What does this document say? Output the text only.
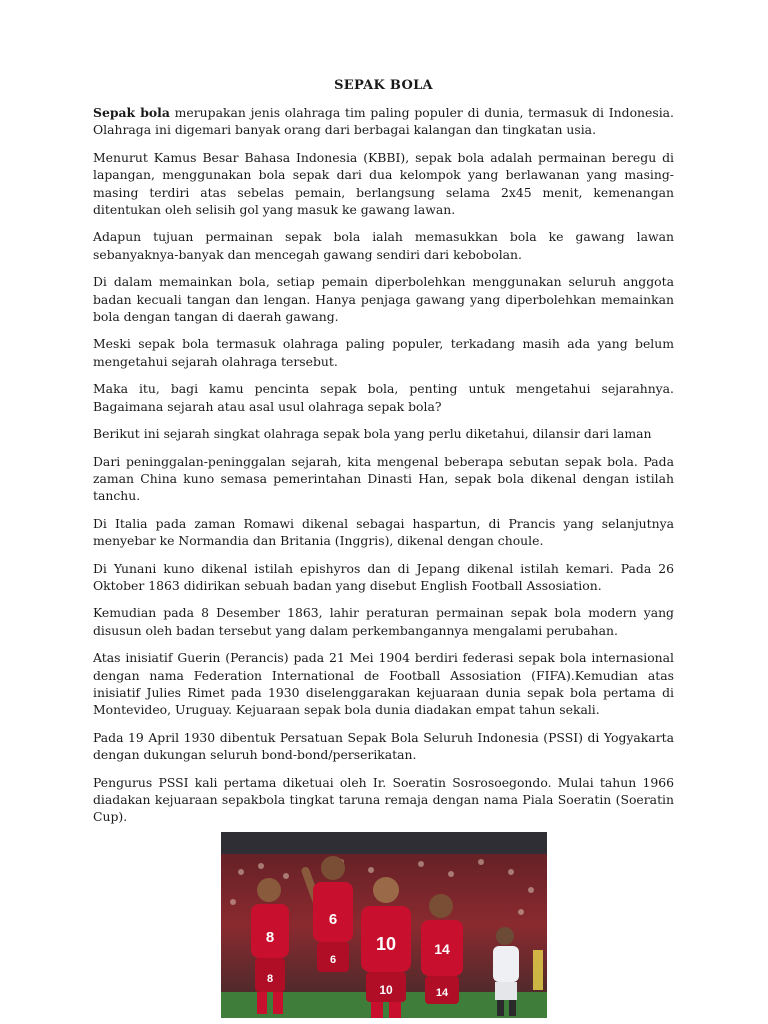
SEPAK BOLA

Sepak bola merupakan jenis olahraga tim paling populer di dunia, termasuk di Indonesia. Olahraga ini digemari banyak orang dari berbagai kalangan dan tingkatan usia.

Menurut Kamus Besar Bahasa Indonesia (KBBI), sepak bola adalah permainan beregu di lapangan, menggunakan bola sepak dari dua kelompok yang berlawanan yang masing-masing terdiri atas sebelas pemain, berlangsung selama 2x45 menit, kemenangan ditentukan oleh selisih gol yang masuk ke gawang lawan.

Adapun tujuan permainan sepak bola ialah memasukkan bola ke gawang lawan sebanyaknya-banyak dan mencegah gawang sendiri dari kebobolan.

Di dalam memainkan bola, setiap pemain diperbolehkan menggunakan seluruh anggota badan kecuali tangan dan lengan. Hanya penjaga gawang yang diperbolehkan memainkan bola dengan tangan di daerah gawang.

Meski sepak bola termasuk olahraga paling populer, terkadang masih ada yang belum mengetahui sejarah olahraga tersebut.

Maka itu, bagi kamu pencinta sepak bola, penting untuk mengetahui sejarahnya. Bagaimana sejarah atau asal usul olahraga sepak bola?

Berikut ini sejarah singkat olahraga sepak bola yang perlu diketahui, dilansir dari laman

Dari peninggalan-peninggalan sejarah, kita mengenal beberapa sebutan sepak bola. Pada zaman China kuno semasa pemerintahan Dinasti Han, sepak bola dikenal dengan istilah tanchu.

Di Italia pada zaman Romawi dikenal sebagai haspartun, di Prancis yang selanjutnya menyebar ke Normandia dan Britania (Inggris), dikenal dengan choule.

Di Yunani kuno dikenal istilah epishyros dan di Jepang dikenal istilah kemari. Pada 26 Oktober 1863 didirikan sebuah badan yang disebut English Football Assosiation.

Kemudian pada 8 Desember 1863, lahir peraturan permainan sepak bola modern yang disusun oleh badan tersebut yang dalam perkembangannya mengalami perubahan.

Atas inisiatif Guerin (Perancis) pada 21 Mei 1904 berdiri federasi sepak bola internasional dengan nama Federation International de Football Assosiation (FIFA).Kemudian atas inisiatif Julies Rimet pada 1930 diselenggarakan kejuaraan dunia sepak bola pertama di Montevideo, Uruguay. Kejuaraan sepak bola dunia diadakan empat tahun sekali.

Pada 19 April 1930 dibentuk Persatuan Sepak Bola Seluruh Indonesia (PSSI) di Yogyakarta dengan dukungan seluruh bond-bond/perserikatan.

Pengurus PSSI kali pertama diketuai oleh Ir. Soeratin Sosrosoegondo. Mulai tahun 1966 diadakan kejuaraan sepakbola tingkat taruna remaja dengan nama Piala Soeratin (Soeratin Cup).

8
8
6
6
10
10
14
14
